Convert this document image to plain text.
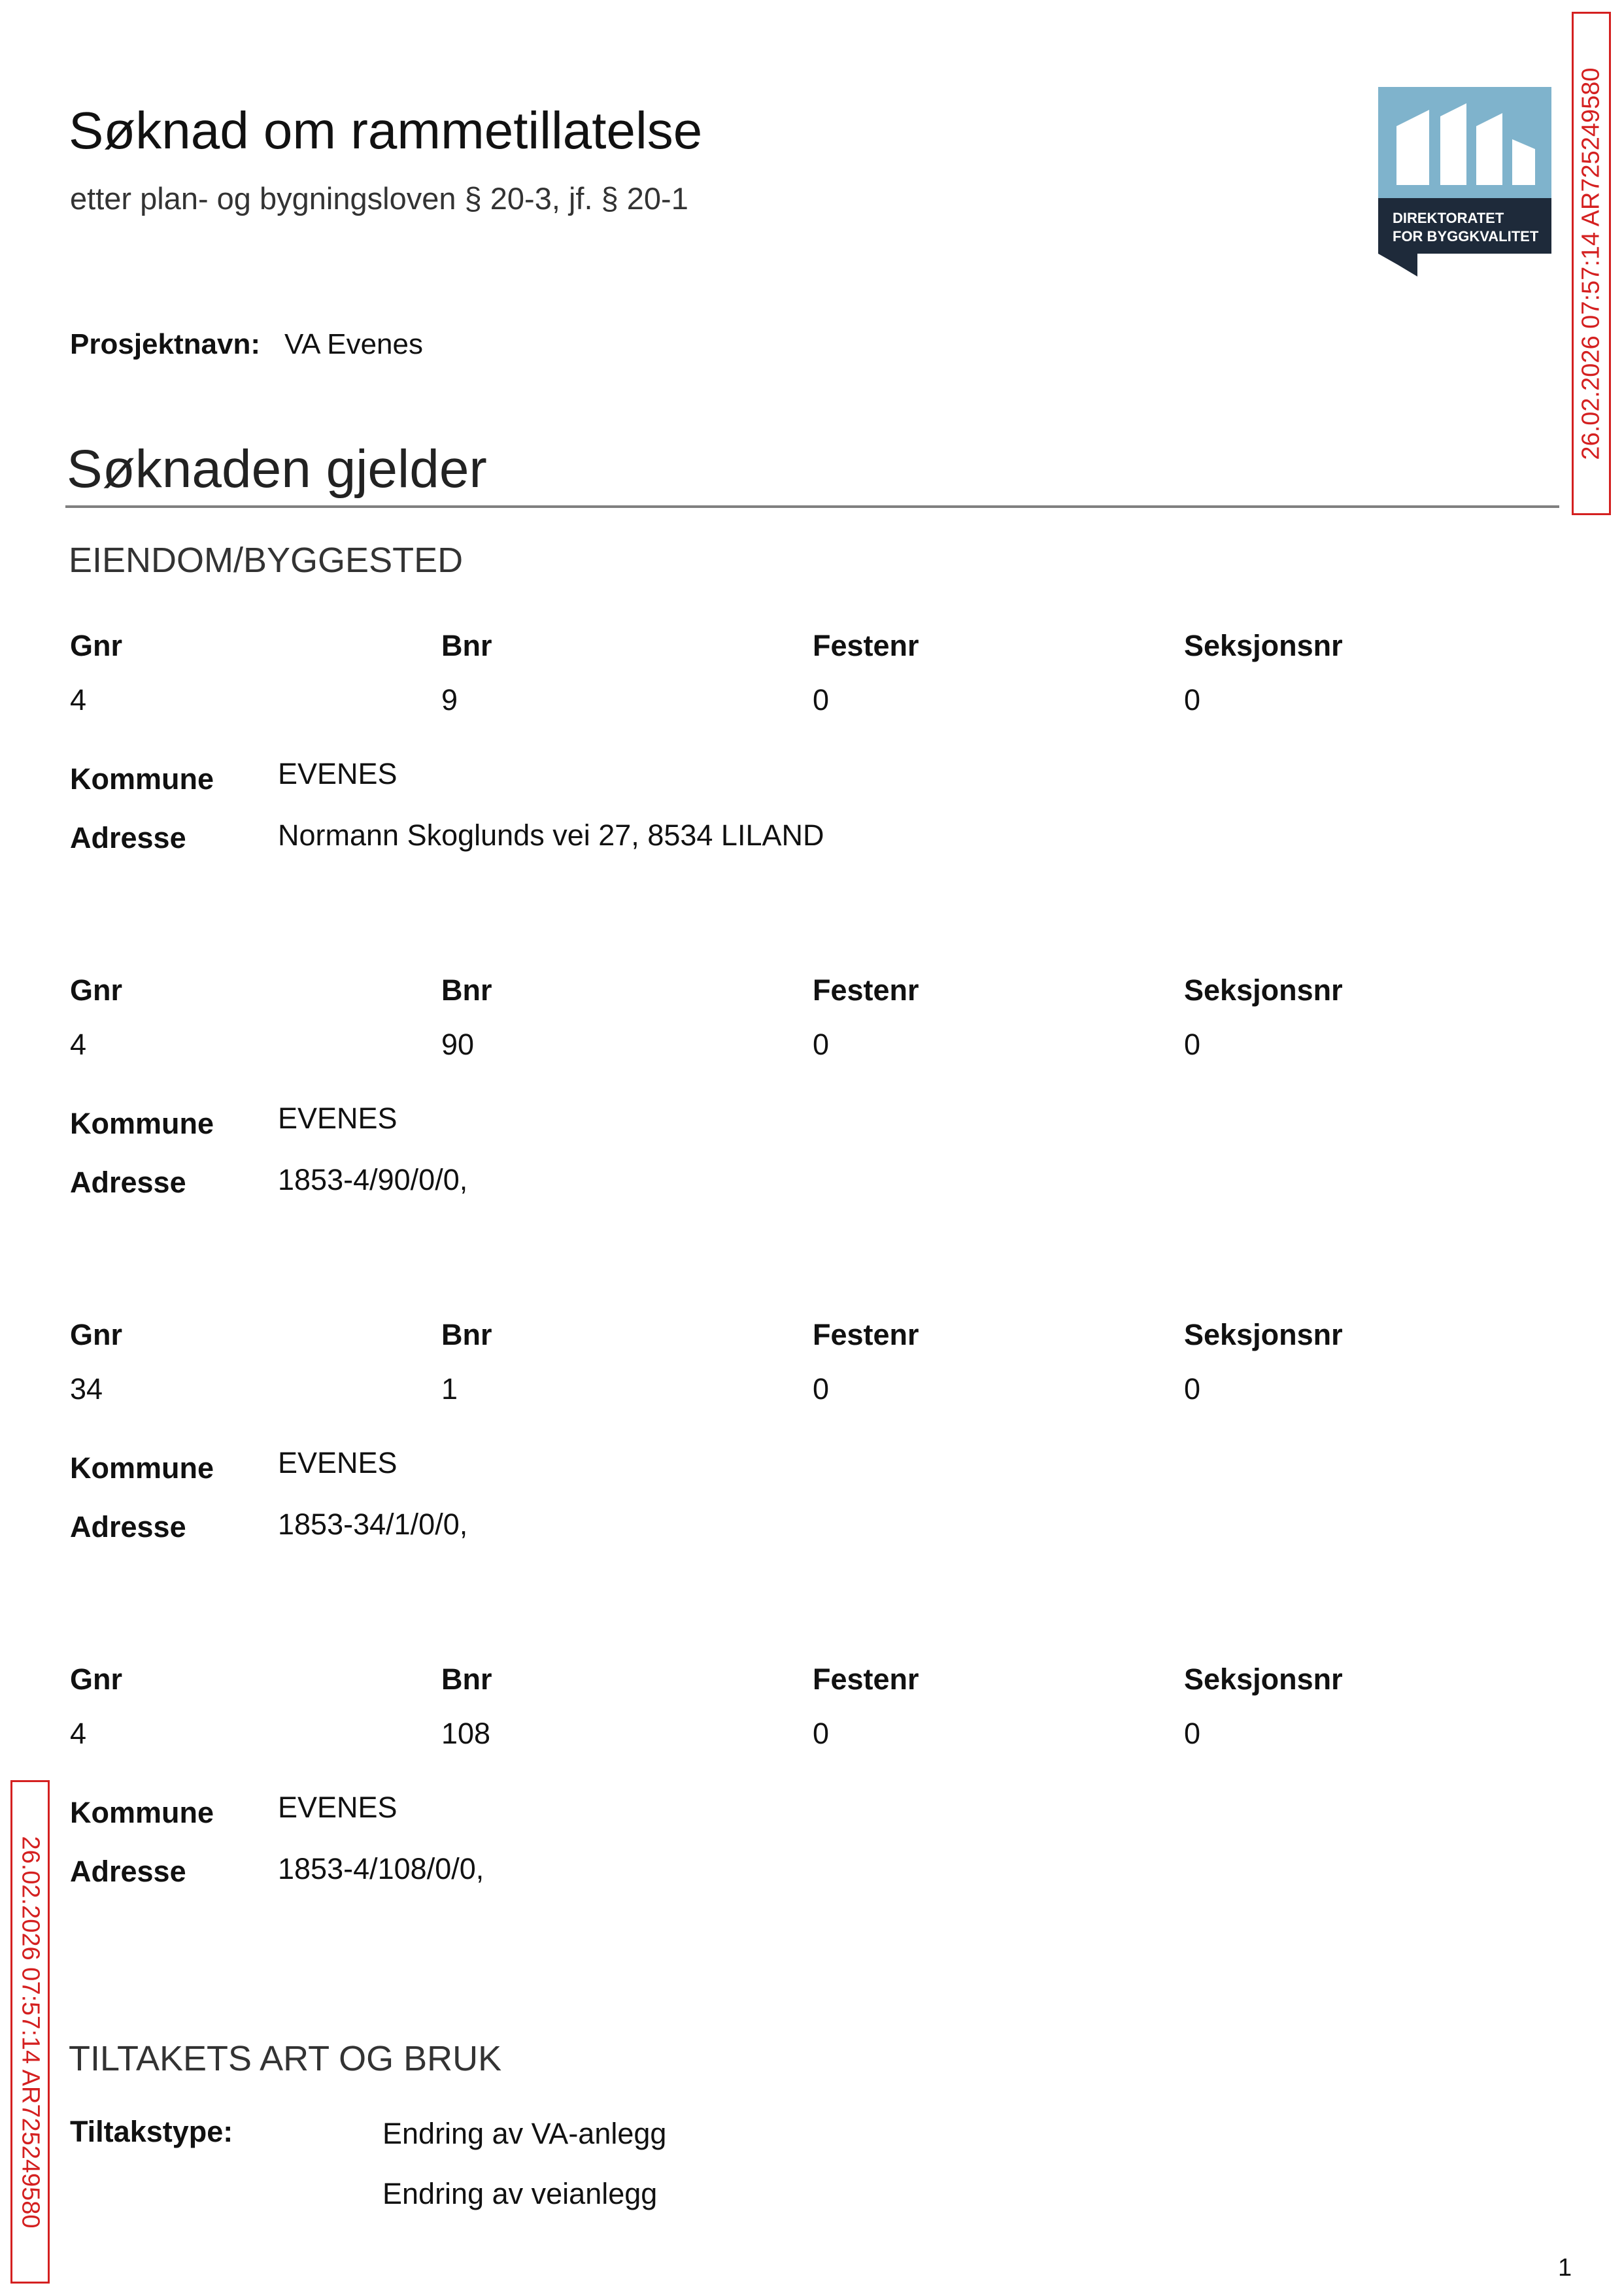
Søknad om rammetillatelse
etter plan- og bygningsloven § 20-3, jf. § 20-1
DIREKTORATET
FOR BYGGKVALITET 26.02.2026 07:57:14 AR725249580
26.02.2026 07:57:14 AR725249580
Prosjektnavn: VA Evenes
Søknaden gjelder
EIENDOM/BYGGESTED
Gnr	Bnr	Festenr	Seksjonsnr
4	9	0	0
Kommune EVENES
Adresse	Normann Skoglunds vei 27, 8534 LILAND
Gnr	Bnr	Festenr	Seksjonsnr
4	90	0	0
Kommune EVENES
Adresse	1853-4/90/0/0,
Gnr	Bnr	Festenr	Seksjonsnr
34	1	0	0
Kommune EVENES
Adresse	1853-34/1/0/0,
Gnr	Bnr	Festenr	Seksjonsnr
4	108	0	0
Kommune EVENES
Adresse	1853-4/108/0/0,
TILTAKETS ART OG BRUK
Tiltakstype:	Endring av VA-anlegg
Endring av veianlegg
1
